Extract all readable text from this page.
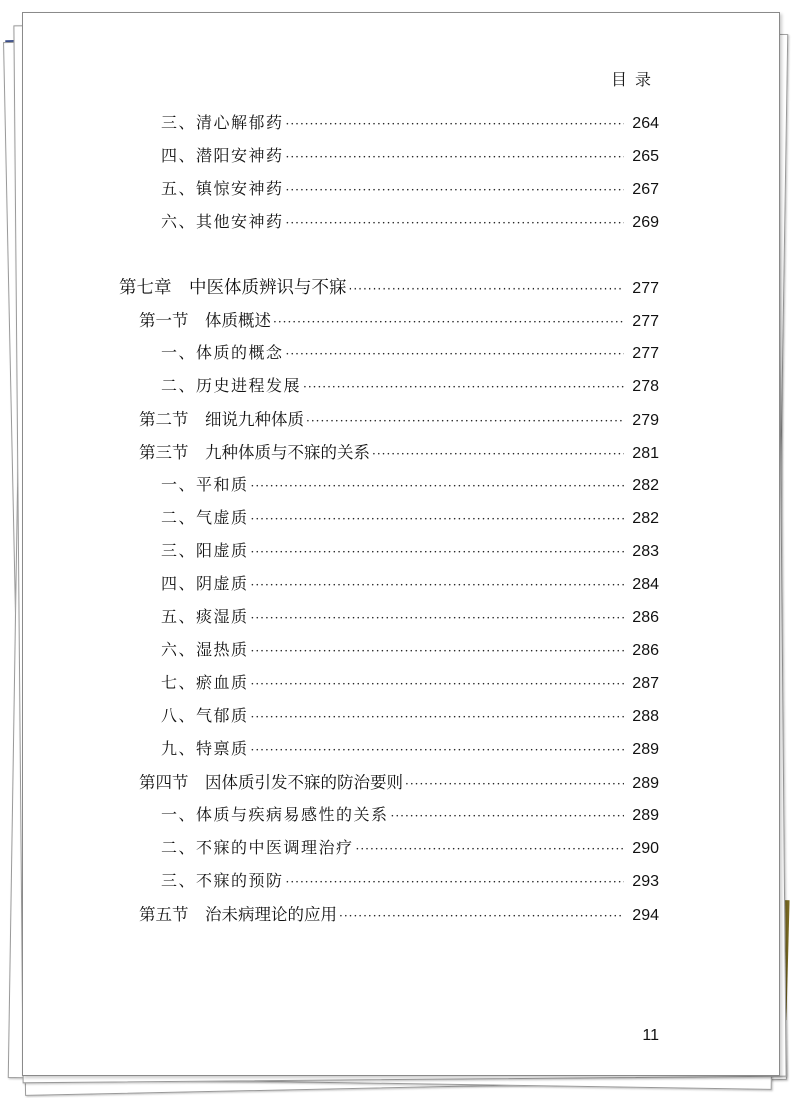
目录
三、清心解郁药 ·····	264
四、潜阳安神药 ·····	265
五、镇惊安神药 ·····	267
六、其他安神药 ·····	269
第七章　中医体质辨识与不寐 ·····	277
第一节　体质概述 ·····	277
一、体质的概念 ·····	277
二、历史进程发展 ·····	278
第二节　细说九种体质 ·····	279
第三节　九种体质与不寐的关系 ·····	281
一、平和质 ·····	282
二、气虚质 ·····	282
三、阳虚质 ·····	283
四、阴虚质 ·····	284
五、痰湿质 ·····	286
六、湿热质 ·····	286
七、瘀血质 ·····	287
八、气郁质 ·····	288
九、特禀质 ·····	289
第四节　因体质引发不寐的防治要则 ·····	289
一、体质与疾病易感性的关系 ·····	289
二、不寐的中医调理治疗 ·····	290
三、不寐的预防 ·····	293
第五节　治未病理论的应用 ·····	294
11
